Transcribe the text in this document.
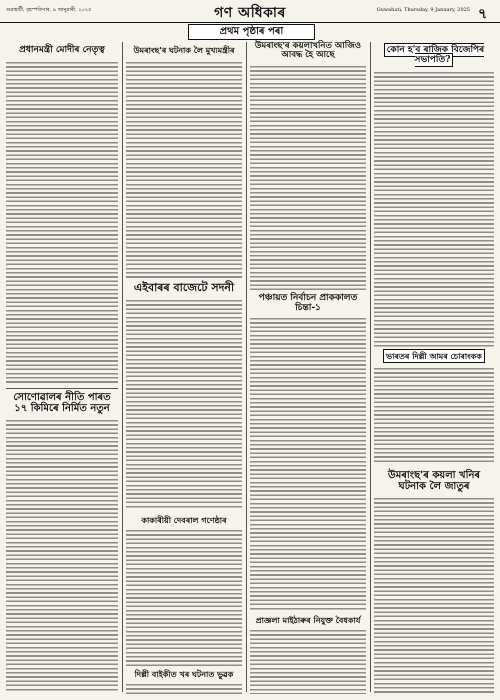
গুৱাহাটী, বৃহস্পতিবাৰ, ৯ জানুৱাৰী, ২০২৫	গণ অধিকাৰ	Guwahati, Thursday, 9 January, 2025 ৭
প্ৰথম পৃষ্ঠাৰ পৰা
প্ৰধানমন্ত্ৰী মোদীৰ নেতৃত্ব
সোণোৱালৰ নীতি পাৰত ১৭ কিমিৰে নিৰ্মিত নতুন
উমৰাংছ'ৰ ঘটনাক লৈ মুখ্যমন্ত্ৰীৰ
এইবাৰৰ বাজেটে সদনী
কাকাৰীয়ী দেবৰাল গণেষ্ঠাৰ
দিল্লী বাইকীত খৰ ঘটনাত ভুৱক
উমৰাংছ'ৰ কয়লাখনিত আজিও আবদ্ধ হৈ আছে
পঞ্চায়ত নিৰ্বাচন প্ৰাককালত চিন্তা-১
প্ৰাজ্ঞলা মাইঠাৰুৰ নিযুক্ত বৈধকাৰ্য
কোন হ'ব ৰাজিক বিজেপিৰ সভাপতি?
ভাৰতৰ দিল্লী আমৰ চোৰাংকক
উমৰাংছ'ৰ কয়লা খনিৰ ঘটনাক লৈ জাতুৰ
